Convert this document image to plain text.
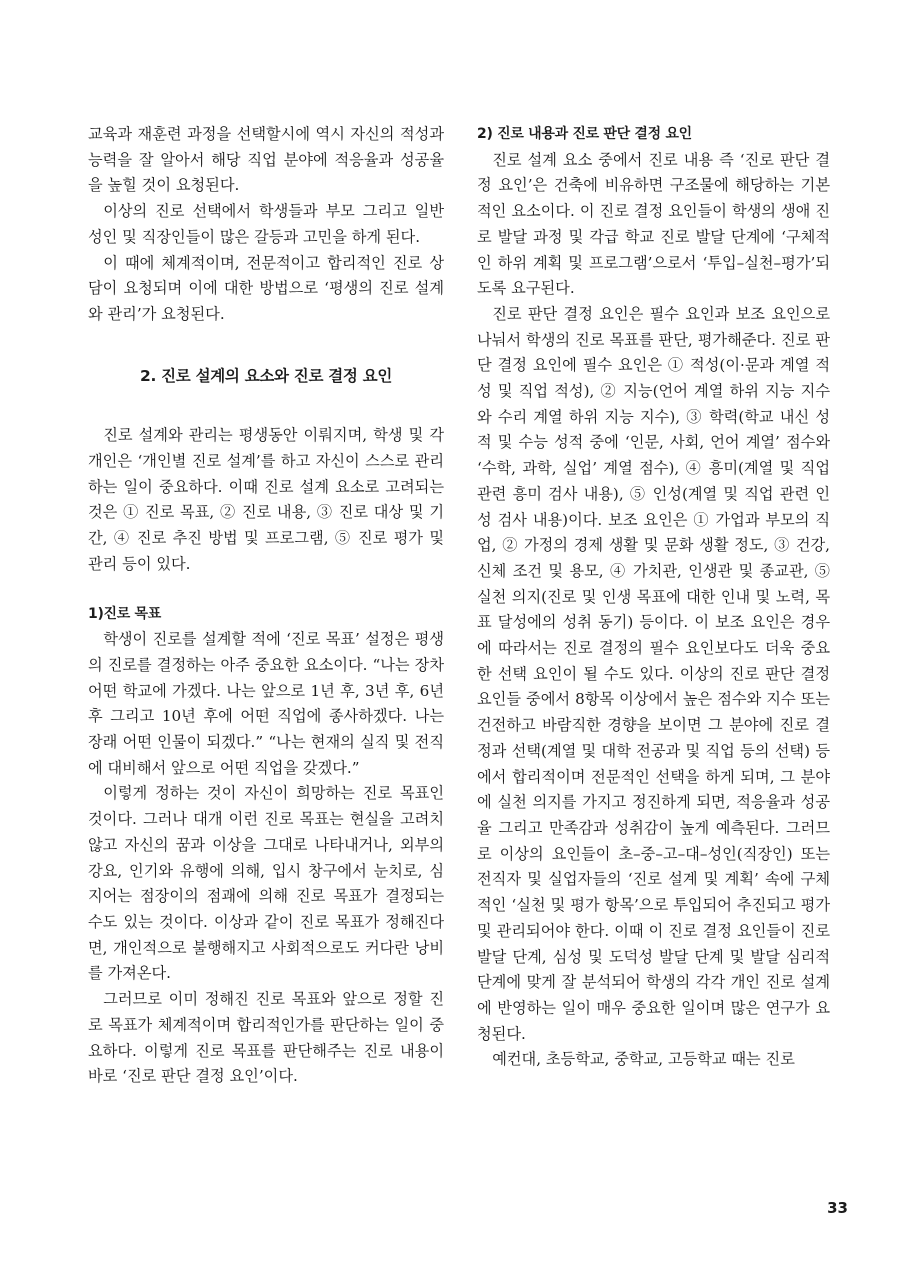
교육과 재훈련 과정을 선택할시에 역시 자신의 적성과 능력을 잘 알아서 해당 직업 분야에 적응율과 성공율을 높힐 것이 요청된다.

이상의 진로 선택에서 학생들과 부모 그리고 일반 성인 및 직장인들이 많은 갈등과 고민을 하게 된다.

이 때에 체계적이며, 전문적이고 합리적인 진로 상담이 요청되며 이에 대한 방법으로 ‘평생의 진로 설계와 관리’가 요청된다.

2. 진로 설계의 요소와 진로 결정 요인

진로 설계와 관리는 평생동안 이뤄지며, 학생 및 각 개인은 ‘개인별 진로 설계’를 하고 자신이 스스로 관리하는 일이 중요하다. 이때 진로 설계 요소로 고려되는 것은 ① 진로 목표, ② 진로 내용, ③ 진로 대상 및 기간, ④ 진로 추진 방법 및 프로그램, ⑤ 진로 평가 및 관리 등이 있다.

1)진로 목표

학생이 진로를 설계할 적에 ‘진로 목표’ 설정은 평생의 진로를 결정하는 아주 중요한 요소이다. “나는 장차 어떤 학교에 가겠다. 나는 앞으로 1년 후, 3년 후, 6년 후 그리고 10년 후에 어떤 직업에 종사하겠다. 나는 장래 어떤 인물이 되겠다.” “나는 현재의 실직 및 전직에 대비해서 앞으로 어떤 직업을 갖겠다.”

이렇게 정하는 것이 자신이 희망하는 진로 목표인 것이다. 그러나 대개 이런 진로 목표는 현실을 고려치 않고 자신의 꿈과 이상을 그대로 나타내거나, 외부의 강요, 인기와 유행에 의해, 입시 창구에서 눈치로, 심지어는 점장이의 점괘에 의해 진로 목표가 결정되는 수도 있는 것이다. 이상과 같이 진로 목표가 정해진다면, 개인적으로 불행해지고 사회적으로도 커다란 낭비를 가져온다.

그러므로 이미 정해진 진로 목표와 앞으로 정할 진로 목표가 체계적이며 합리적인가를 판단하는 일이 중요하다. 이렇게 진로 목표를 판단해주는 진로 내용이 바로 ‘진로 판단 결정 요인’이다.

2) 진로 내용과 진로 판단 결정 요인

진로 설계 요소 중에서 진로 내용 즉 ‘진로 판단 결정 요인’은 건축에 비유하면 구조물에 해당하는 기본적인 요소이다. 이 진로 결정 요인들이 학생의 생애 진로 발달 과정 및 각급 학교 진로 발달 단계에 ‘구체적인 하위 계획 및 프로그램’으로서 ‘투입–실천–평가’되도록 요구된다.

진로 판단 결정 요인은 필수 요인과 보조 요인으로 나눠서 학생의 진로 목표를 판단, 평가해준다. 진로 판단 결정 요인에 필수 요인은 ① 적성(이·문과 계열 적성 및 직업 적성), ② 지능(언어 계열 하위 지능 지수와 수리 계열 하위 지능 지수), ③ 학력(학교 내신 성적 및 수능 성적 중에 ‘인문, 사회, 언어 계열’ 점수와 ‘수학, 과학, 실업’ 계열 점수), ④ 흥미(계열 및 직업 관련 흥미 검사 내용), ⑤ 인성(계열 및 직업 관련 인성 검사 내용)이다. 보조 요인은 ① 가업과 부모의 직업, ② 가정의 경제 생활 및 문화 생활 정도, ③ 건강, 신체 조건 및 용모, ④ 가치관, 인생관 및 종교관, ⑤ 실천 의지(진로 및 인생 목표에 대한 인내 및 노력, 목표 달성에의 성취 동기) 등이다. 이 보조 요인은 경우에 따라서는 진로 결정의 필수 요인보다도 더욱 중요한 선택 요인이 될 수도 있다. 이상의 진로 판단 결정 요인들 중에서 8항목 이상에서 높은 점수와 지수 또는 건전하고 바람직한 경향을 보이면 그 분야에 진로 결정과 선택(계열 및 대학 전공과 및 직업 등의 선택) 등에서 합리적이며 전문적인 선택을 하게 되며, 그 분야에 실천 의지를 가지고 정진하게 되면, 적응율과 성공율 그리고 만족감과 성취감이 높게 예측된다. 그러므로 이상의 요인들이 초–중–고–대–성인(직장인) 또는 전직자 및 실업자들의 ‘진로 설계 및 계획’ 속에 구체적인 ‘실천 및 평가 항목’으로 투입되어 추진되고 평가 및 관리되어야 한다. 이때 이 진로 결정 요인들이 진로 발달 단계, 심성 및 도덕성 발달 단계 및 발달 심리적 단계에 맞게 잘 분석되어 학생의 각각 개인 진로 설계에 반영하는 일이 매우 중요한 일이며 많은 연구가 요청된다.

예컨대, 초등학교, 중학교, 고등학교 때는 진로

33
